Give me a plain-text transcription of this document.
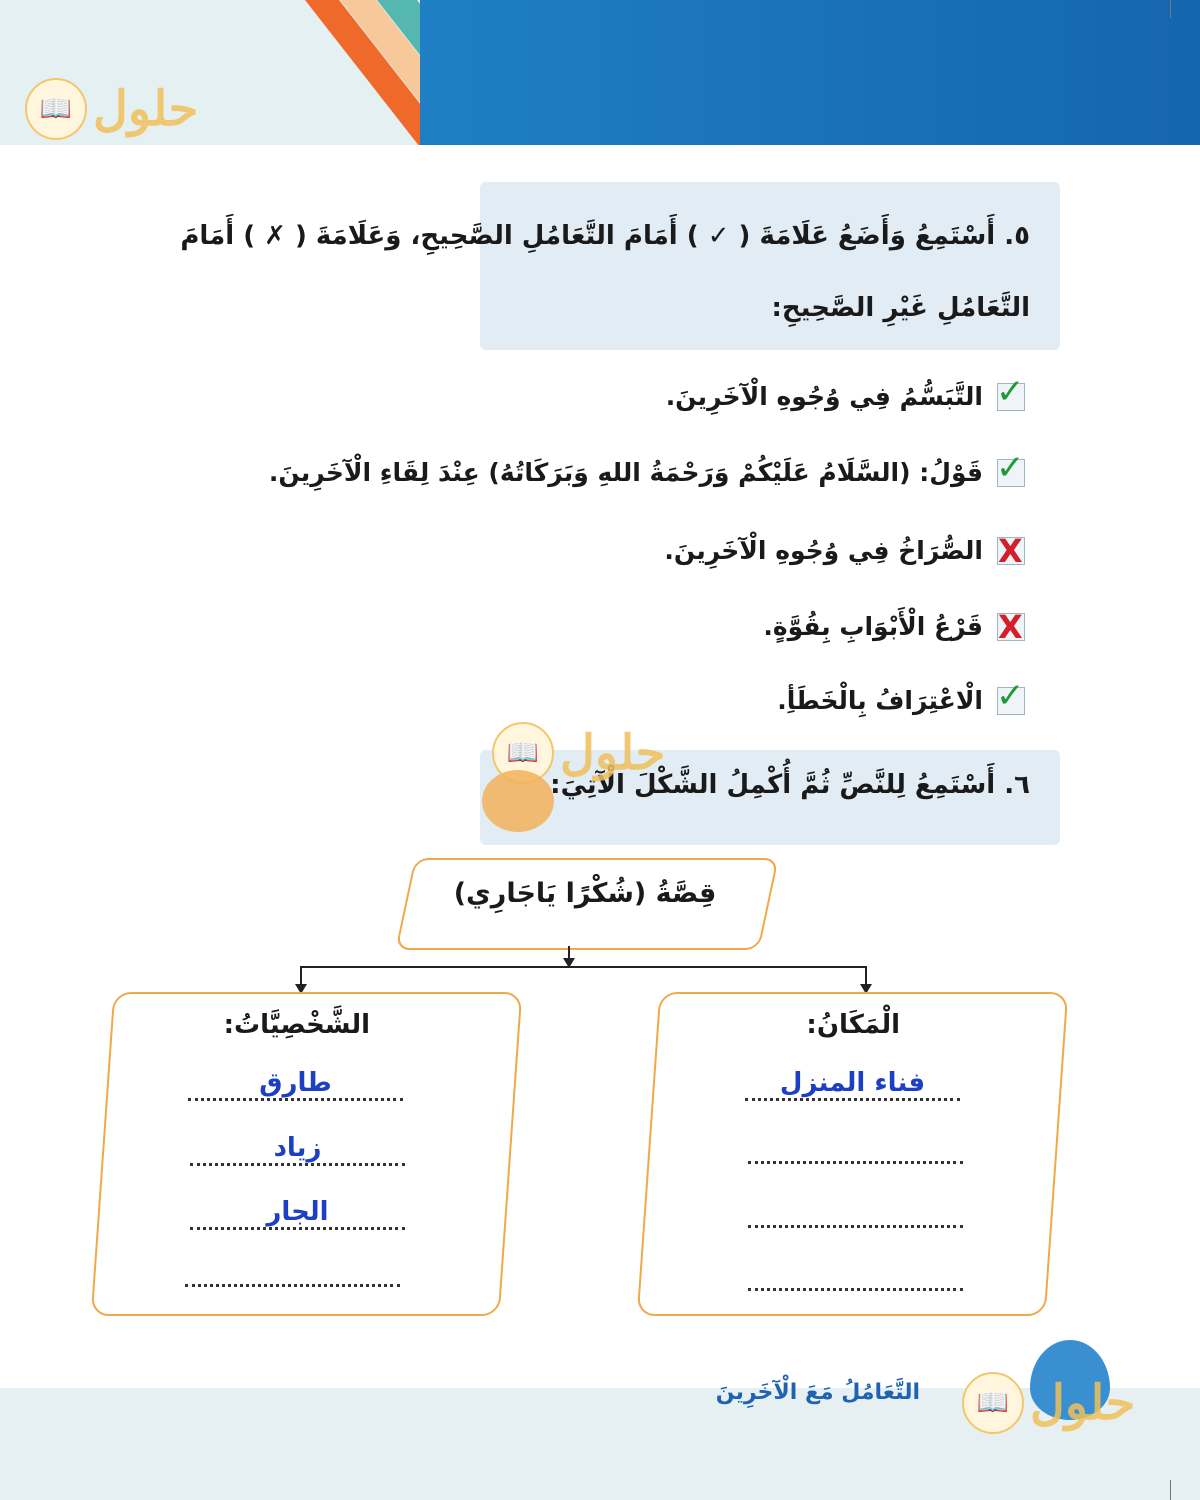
📖 حلول
٥. أَسْتَمِعُ وَأَضَعُ عَلَامَةَ ( ✓ ) أَمَامَ التَّعَامُلِ الصَّحِيحِ، وَعَلَامَةَ ( ✗ ) أَمَامَ التَّعَامُلِ غَيْرِ الصَّحِيحِ:
✓
التَّبَسُّمُ فِي وُجُوهِ الْآخَرِينَ.
✓
قَوْلُ: (السَّلَامُ عَلَيْكُمْ وَرَحْمَةُ اللهِ وَبَرَكَاتُهُ) عِنْدَ لِقَاءِ الْآخَرِينَ.
X
الصُّرَاخُ فِي وُجُوهِ الْآخَرِينَ.
X
قَرْعُ الْأَبْوَابِ بِقُوَّةٍ.
✓
الْاعْتِرَافُ بِالْخَطَأِ.
٦. أَسْتَمِعُ لِلنَّصِّ ثُمَّ أُكْمِلُ الشَّكْلَ الْآتِيَ:
📖 حلول
قِصَّةُ (شُكْرًا يَاجَارِي)
الْمَكَانُ:
الشَّخْصِيَّاتُ:
فناء المنزل
طارق
زياد
الجار
التَّعَامُلُ مَعَ الْآخَرِينَ	📖 حلول
